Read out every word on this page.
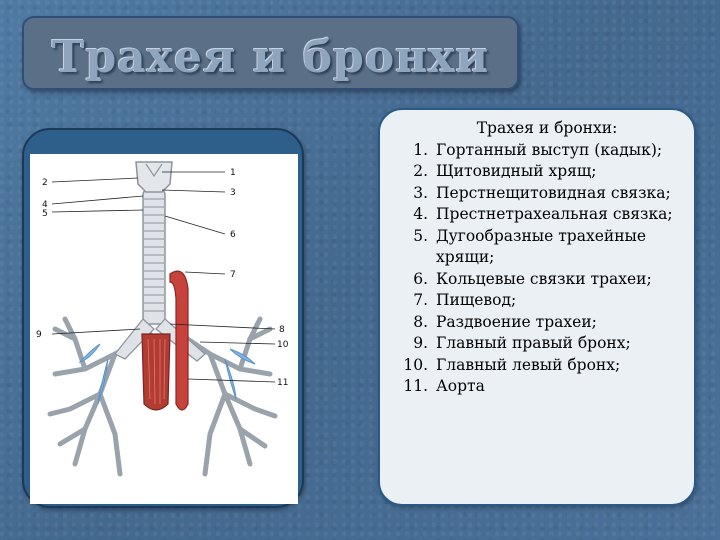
Трахея и бронхи
1
2
3
4
5
6
7
8
9
10
11
Трахея и бронхи:
1. Гортанный выступ (кадык);
2. Щитовидный хрящ;
3. Перстнещитовидная связка;
4. Престнетрахеальная связка;
5. Дугообразные трахейные хрящи;
6. Кольцевые связки трахеи;
7. Пищевод;
8. Раздвоение трахеи;
9. Главный правый бронх;
10. Главный левый бронх;
11. Аорта
